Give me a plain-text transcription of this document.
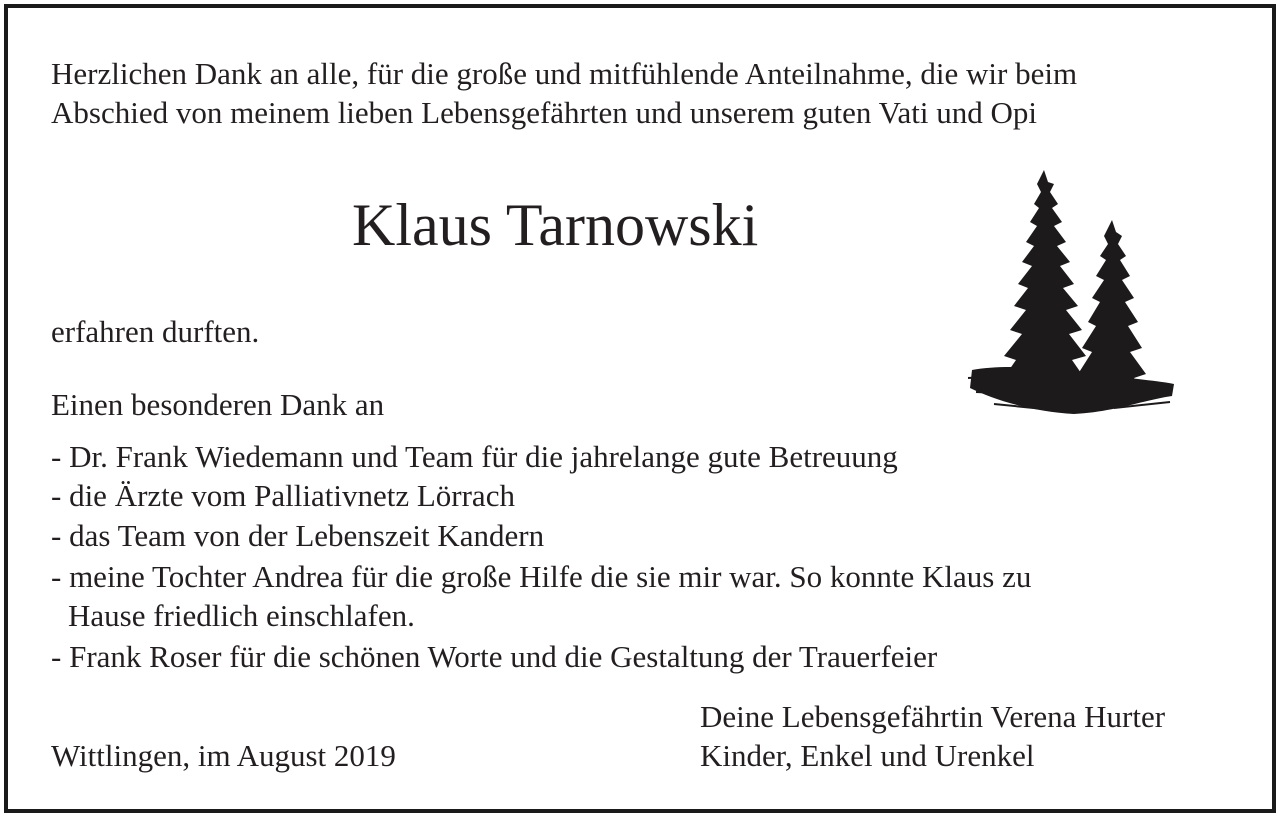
Herzlichen Dank an alle, für die große und mitfühlende Anteilnahme, die wir beim
Abschied von meinem lieben Lebensgefährten und unserem guten Vati und Opi
Klaus Tarnowski
erfahren durften.
Einen besonderen Dank an
- Dr. Frank Wiedemann und Team für die jahrelange gute Betreuung
- die Ärzte vom Palliativnetz Lörrach
- das Team von der Lebenszeit Kandern
- meine Tochter Andrea für die große Hilfe die sie mir war. So konnte Klaus zu
Hause friedlich einschlafen.
- Frank Roser für die schönen Worte und die Gestaltung der Trauerfeier
Wittlingen, im August 2019
Deine Lebensgefährtin Verena Hurter
Kinder, Enkel und Urenkel
